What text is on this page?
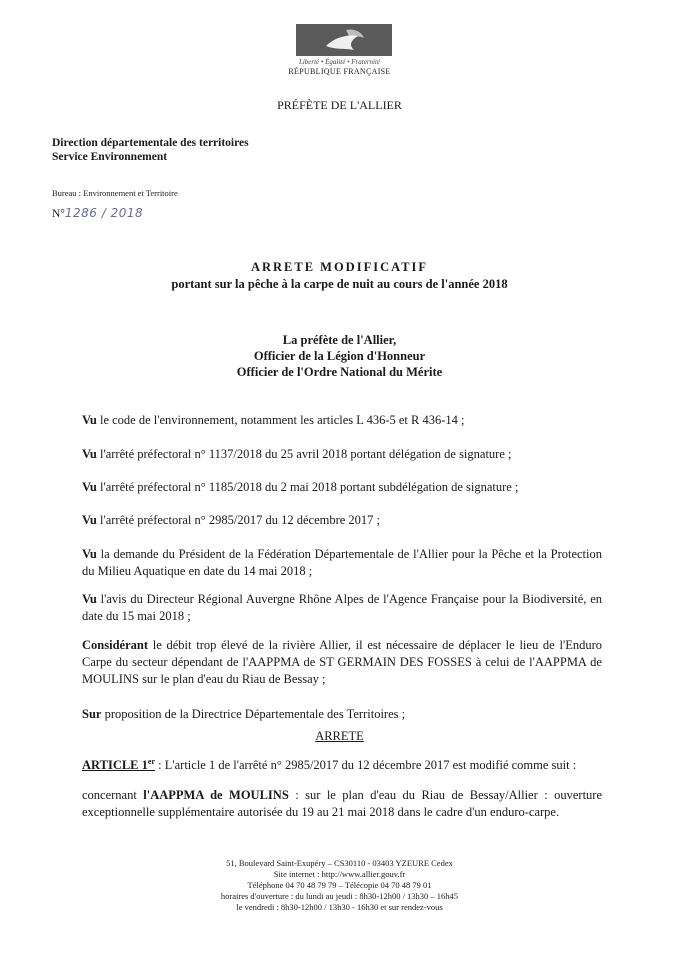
Liberté • Égalité • Fraternité
RÉPUBLIQUE FRANÇAISE
PRÉFÈTE DE L'ALLIER
Direction départementale des territoires
Service Environnement
Bureau : Environnement et Territoire
N°1286 / 2018
ARRETE MODIFICATIF
portant sur la pêche à la carpe de nuit au cours de l'année 2018
La préfète de l'Allier,
Officier de la Légion d'Honneur
Officier de l'Ordre National du Mérite
Vu le code de l'environnement, notamment les articles L 436-5 et R 436-14 ;
Vu l'arrêté préfectoral n° 1137/2018 du 25 avril 2018 portant délégation de signature ;
Vu l'arrêté préfectoral n° 1185/2018 du 2 mai 2018 portant subdélégation de signature ;
Vu l'arrêté préfectoral n° 2985/2017 du 12 décembre 2017 ;
Vu la demande du Président de la Fédération Départementale de l'Allier pour la Pêche et la Protection du Milieu Aquatique en date du 14 mai 2018 ;
Vu l'avis du Directeur Régional Auvergne Rhône Alpes de l'Agence Française pour la Biodiversité, en date du 15 mai 2018 ;
Considérant le débit trop élevé de la rivière Allier, il est nécessaire de déplacer le lieu de l'Enduro Carpe du secteur dépendant de l'AAPPMA de ST GERMAIN DES FOSSES à celui de l'AAPPMA de MOULINS sur le plan d'eau du Riau de Bessay ;
Sur proposition de la Directrice Départementale des Territoires ;
ARRETE
ARTICLE 1er : L'article 1 de l'arrêté n° 2985/2017 du 12 décembre 2017 est modifié comme suit :
concernant l'AAPPMA de MOULINS : sur le plan d'eau du Riau de Bessay/Allier : ouverture exceptionnelle supplémentaire autorisée du 19 au 21 mai 2018 dans le cadre d'un enduro-carpe.
51, Boulevard Saint-Exupéry – CS30110 - 03403 YZEURE Cedex
Site internet : http://www.allier.gouv.fr
Téléphone 04 70 48 79 79 – Télécopie 04 70 48 79 01
horaires d'ouverture : du lundi au jeudi : 8h30-12h00 / 13h30 – 16h45
le vendredi : 8h30-12h00 / 13h30 - 16h30 et sur rendez-vous
